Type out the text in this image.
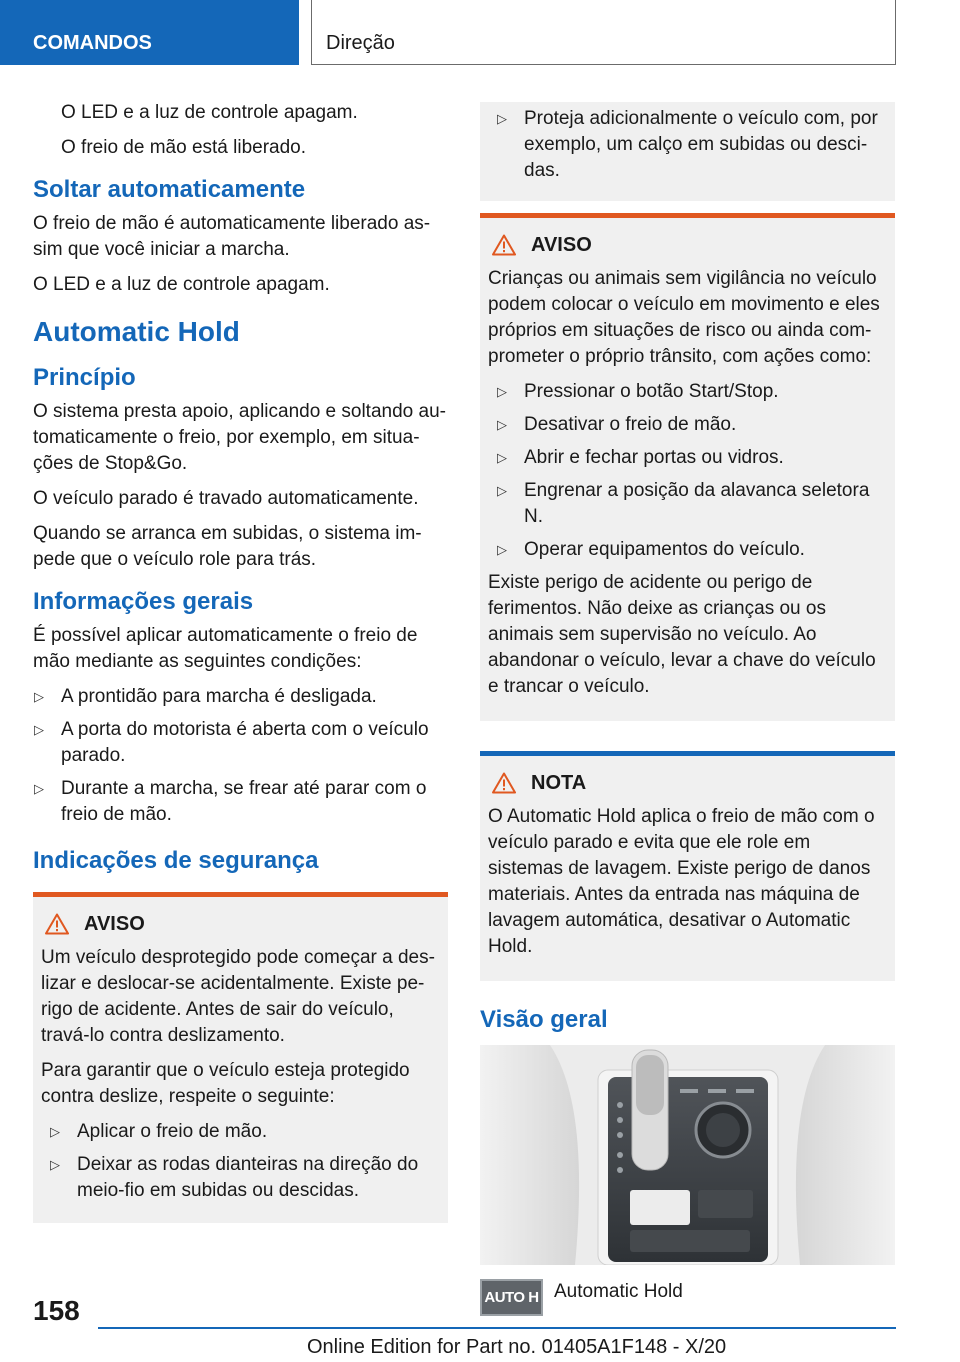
COMANDOS	Direção

O LED e a luz de controle apagam.

O freio de mão está liberado.

Soltar automaticamente

O freio de mão é automaticamente liberado assim que você iniciar a marcha.

O LED e a luz de controle apagam.

Automatic Hold
Princípio

O sistema presta apoio, aplicando e soltando automaticamente o freio, por exemplo, em situações de Stop&Go.

O veículo parado é travado automaticamente.

Quando se arranca em subidas, o sistema impede que o veículo role para trás.

Informações gerais

É possível aplicar automaticamente o freio de mão mediante as seguintes condições:

▷ A prontidão para marcha é desligada.
▷ A porta do motorista é aberta com o veículo parado.
▷ Durante a marcha, se frear até parar com o freio de mão.
Indicações de segurança
AVISO

Um veículo desprotegido pode começar a deslizar e deslocar-se acidentalmente. Existe perigo de acidente. Antes de sair do veículo, travá-lo contra deslizamento.

Para garantir que o veículo esteja protegido contra deslize, respeite o seguinte:

▷ Aplicar o freio de mão.
▷ Deixar as rodas dianteiras na direção do meio-fio em subidas ou descidas.
▷ Proteja adicionalmente o veículo com, por exemplo, um calço em subidas ou descidas.
AVISO

Crianças ou animais sem vigilância no veículo podem colocar o veículo em movimento e eles próprios em situações de risco ou ainda comprometer o próprio trânsito, com ações como:

▷ Pressionar o botão Start/Stop.
▷ Desativar o freio de mão.
▷ Abrir e fechar portas ou vidros.
▷ Engrenar a posição da alavanca seletora N.
▷ Operar equipamentos do veículo.

Existe perigo de acidente ou perigo de ferimentos. Não deixe as crianças ou os animais sem supervisão no veículo. Ao abandonar o veículo, levar a chave do veículo e trancar o veículo.

NOTA

O Automatic Hold aplica o freio de mão com o veículo parado e evita que ele role em sistemas de lavagem. Existe perigo de danos materiais. Antes da entrada nas máquina de lavagem automática, desativar o Automatic Hold.

Visão geral
AUTO H Automatic Hold
158
Online Edition for Part no. 01405A1F148 - X/20
